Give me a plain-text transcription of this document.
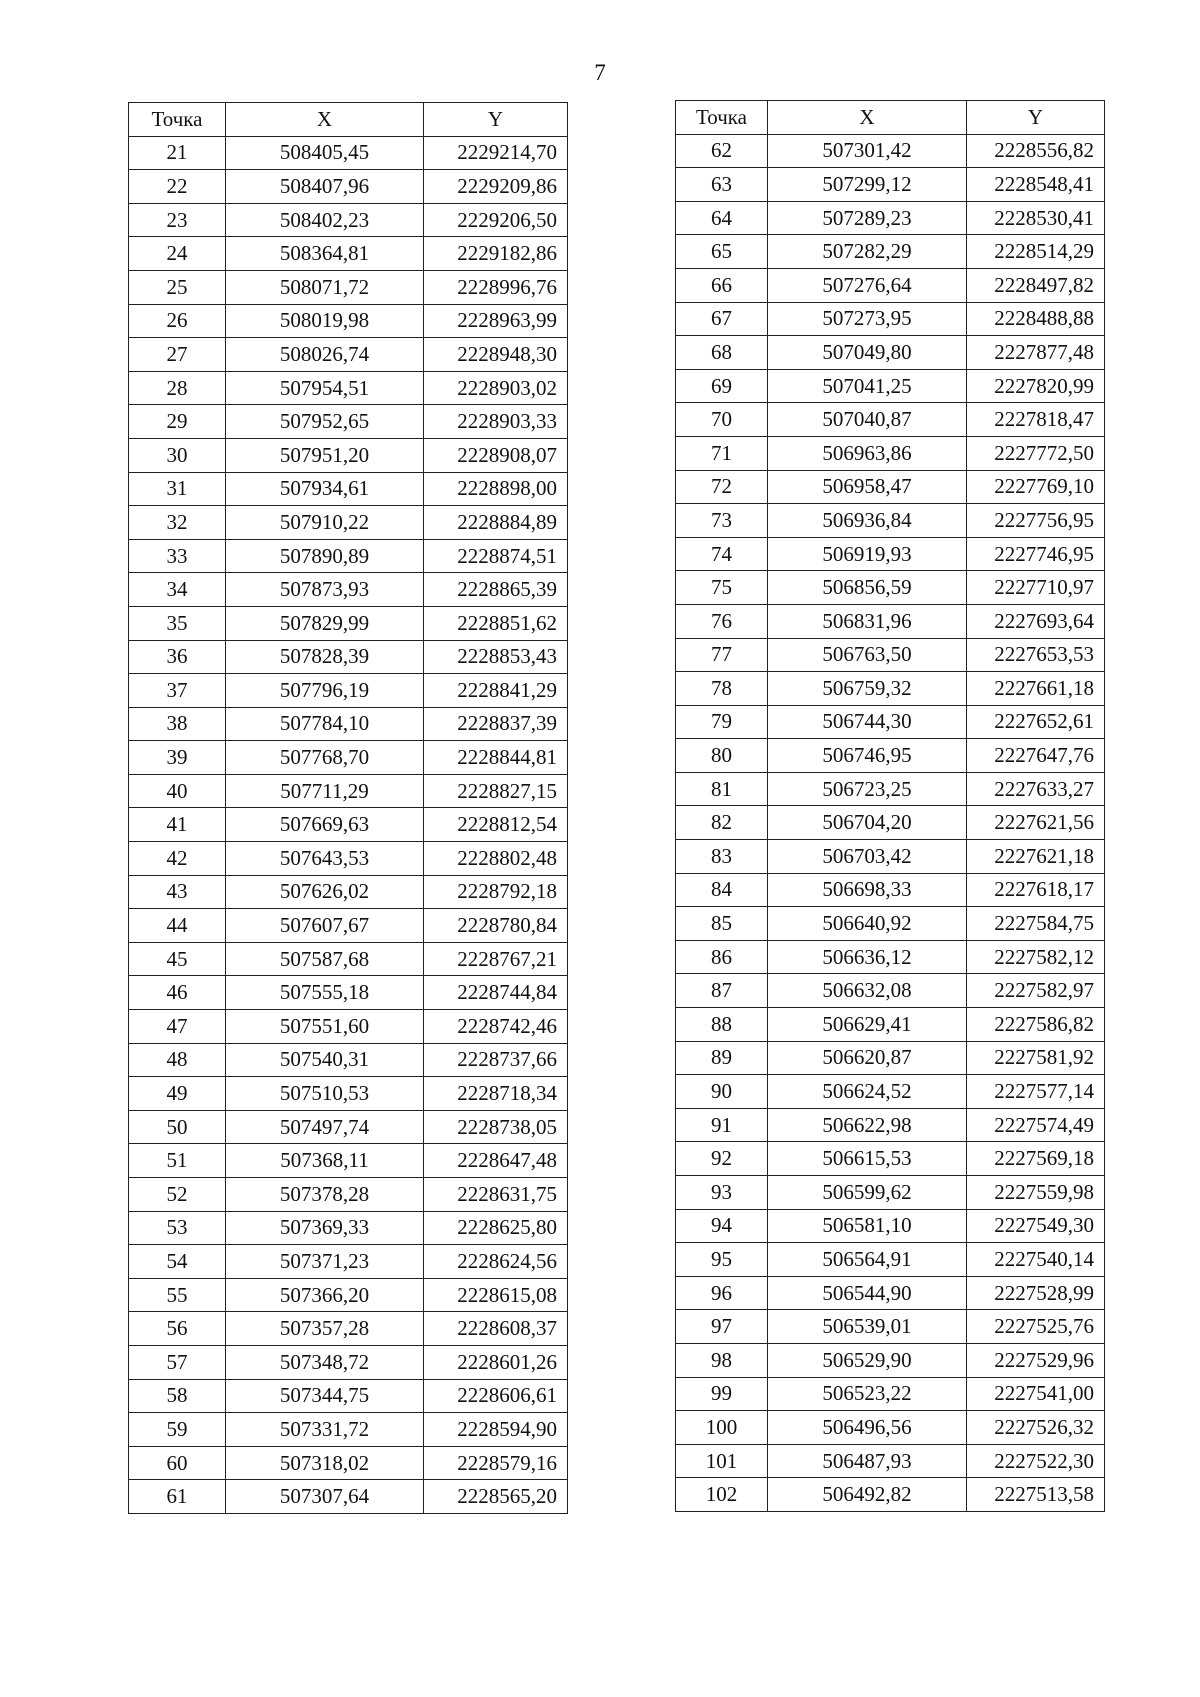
7
Точка	X	Y
21	508405,45	2229214,70
22	508407,96	2229209,86
23	508402,23	2229206,50
24	508364,81	2229182,86
25	508071,72	2228996,76
26	508019,98	2228963,99
27	508026,74	2228948,30
28	507954,51	2228903,02
29	507952,65	2228903,33
30	507951,20	2228908,07
31	507934,61	2228898,00
32	507910,22	2228884,89
33	507890,89	2228874,51
34	507873,93	2228865,39
35	507829,99	2228851,62
36	507828,39	2228853,43
37	507796,19	2228841,29
38	507784,10	2228837,39
39	507768,70	2228844,81
40	507711,29	2228827,15
41	507669,63	2228812,54
42	507643,53	2228802,48
43	507626,02	2228792,18
44	507607,67	2228780,84
45	507587,68	2228767,21
46	507555,18	2228744,84
47	507551,60	2228742,46
48	507540,31	2228737,66
49	507510,53	2228718,34
50	507497,74	2228738,05
51	507368,11	2228647,48
52	507378,28	2228631,75
53	507369,33	2228625,80
54	507371,23	2228624,56
55	507366,20	2228615,08
56	507357,28	2228608,37
57	507348,72	2228601,26
58	507344,75	2228606,61
59	507331,72	2228594,90
60	507318,02	2228579,16
61	507307,64	2228565,20
Точка	X	Y
62	507301,42	2228556,82
63	507299,12	2228548,41
64	507289,23	2228530,41
65	507282,29	2228514,29
66	507276,64	2228497,82
67	507273,95	2228488,88
68	507049,80	2227877,48
69	507041,25	2227820,99
70	507040,87	2227818,47
71	506963,86	2227772,50
72	506958,47	2227769,10
73	506936,84	2227756,95
74	506919,93	2227746,95
75	506856,59	2227710,97
76	506831,96	2227693,64
77	506763,50	2227653,53
78	506759,32	2227661,18
79	506744,30	2227652,61
80	506746,95	2227647,76
81	506723,25	2227633,27
82	506704,20	2227621,56
83	506703,42	2227621,18
84	506698,33	2227618,17
85	506640,92	2227584,75
86	506636,12	2227582,12
87	506632,08	2227582,97
88	506629,41	2227586,82
89	506620,87	2227581,92
90	506624,52	2227577,14
91	506622,98	2227574,49
92	506615,53	2227569,18
93	506599,62	2227559,98
94	506581,10	2227549,30
95	506564,91	2227540,14
96	506544,90	2227528,99
97	506539,01	2227525,76
98	506529,90	2227529,96
99	506523,22	2227541,00
100	506496,56	2227526,32
101	506487,93	2227522,30
102	506492,82	2227513,58
